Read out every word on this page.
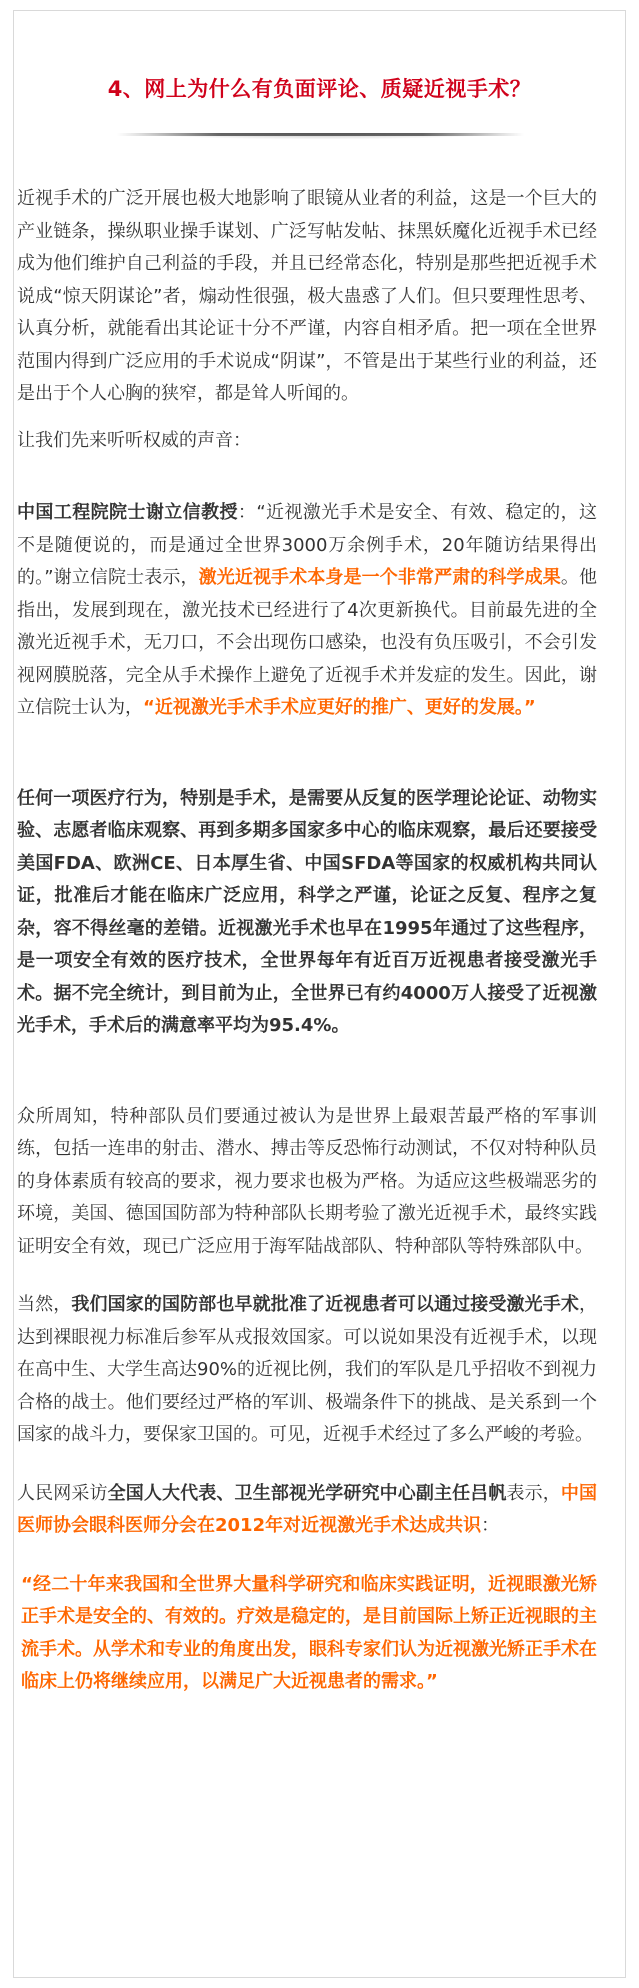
4、网上为什么有负面评论、质疑近视手术？

近视手术的广泛开展也极大地影响了眼镜从业者的利益，这是一个巨大的产业链条，操纵职业操手谋划、广泛写帖发帖、抹黑妖魔化近视手术已经成为他们维护自己利益的手段，并且已经常态化，特别是那些把近视手术说成“惊天阴谋论”者，煽动性很强，极大蛊惑了人们。但只要理性思考、认真分析，就能看出其论证十分不严谨，内容自相矛盾。把一项在全世界范围内得到广泛应用的手术说成“阴谋”，不管是出于某些行业的利益，还是出于个人心胸的狭窄，都是耸人听闻的。

让我们先来听听权威的声音：

中国工程院院士谢立信教授：“近视激光手术是安全、有效、稳定的，这不是随便说的，而是通过全世界3000万余例手术，20年随访结果得出的。”谢立信院士表示，激光近视手术本身是一个非常严肃的科学成果。他指出，发展到现在，激光技术已经进行了4次更新换代。目前最先进的全激光近视手术，无刀口，不会出现伤口感染，也没有负压吸引，不会引发视网膜脱落，完全从手术操作上避免了近视手术并发症的发生。因此，谢立信院士认为，“近视激光手术手术应更好的推广、更好的发展。”

任何一项医疗行为，特别是手术，是需要从反复的医学理论论证、动物实验、志愿者临床观察、再到多期多国家多中心的临床观察，最后还要接受美国FDA、欧洲CE、日本厚生省、中国SFDA等国家的权威机构共同认证，批准后才能在临床广泛应用，科学之严谨，论证之反复、程序之复杂，容不得丝毫的差错。近视激光手术也早在1995年通过了这些程序，是一项安全有效的医疗技术，全世界每年有近百万近视患者接受激光手术。据不完全统计，到目前为止，全世界已有约4000万人接受了近视激光手术，手术后的满意率平均为95.4%。

众所周知，特种部队员们要通过被认为是世界上最艰苦最严格的军事训练，包括一连串的射击、潜水、搏击等反恐怖行动测试，不仅对特种队员的身体素质有较高的要求，视力要求也极为严格。为适应这些极端恶劣的环境，美国、德国国防部为特种部队长期考验了激光近视手术，最终实践证明安全有效，现已广泛应用于海军陆战部队、特种部队等特殊部队中。

当然，我们国家的国防部也早就批准了近视患者可以通过接受激光手术，达到裸眼视力标准后参军从戎报效国家。可以说如果没有近视手术，以现在高中生、大学生高达90%的近视比例，我们的军队是几乎招收不到视力合格的战士。他们要经过严格的军训、极端条件下的挑战、是关系到一个国家的战斗力，要保家卫国的。可见，近视手术经过了多么严峻的考验。

人民网采访全国人大代表、卫生部视光学研究中心副主任吕帆表示，中国医师协会眼科医师分会在2012年对近视激光手术达成共识：

“经二十年来我国和全世界大量科学研究和临床实践证明，近视眼激光矫正手术是安全的、有效的。疗效是稳定的，是目前国际上矫正近视眼的主流手术。从学术和专业的角度出发，眼科专家们认为近视激光矫正手术在临床上仍将继续应用，以满足广大近视患者的需求。”
